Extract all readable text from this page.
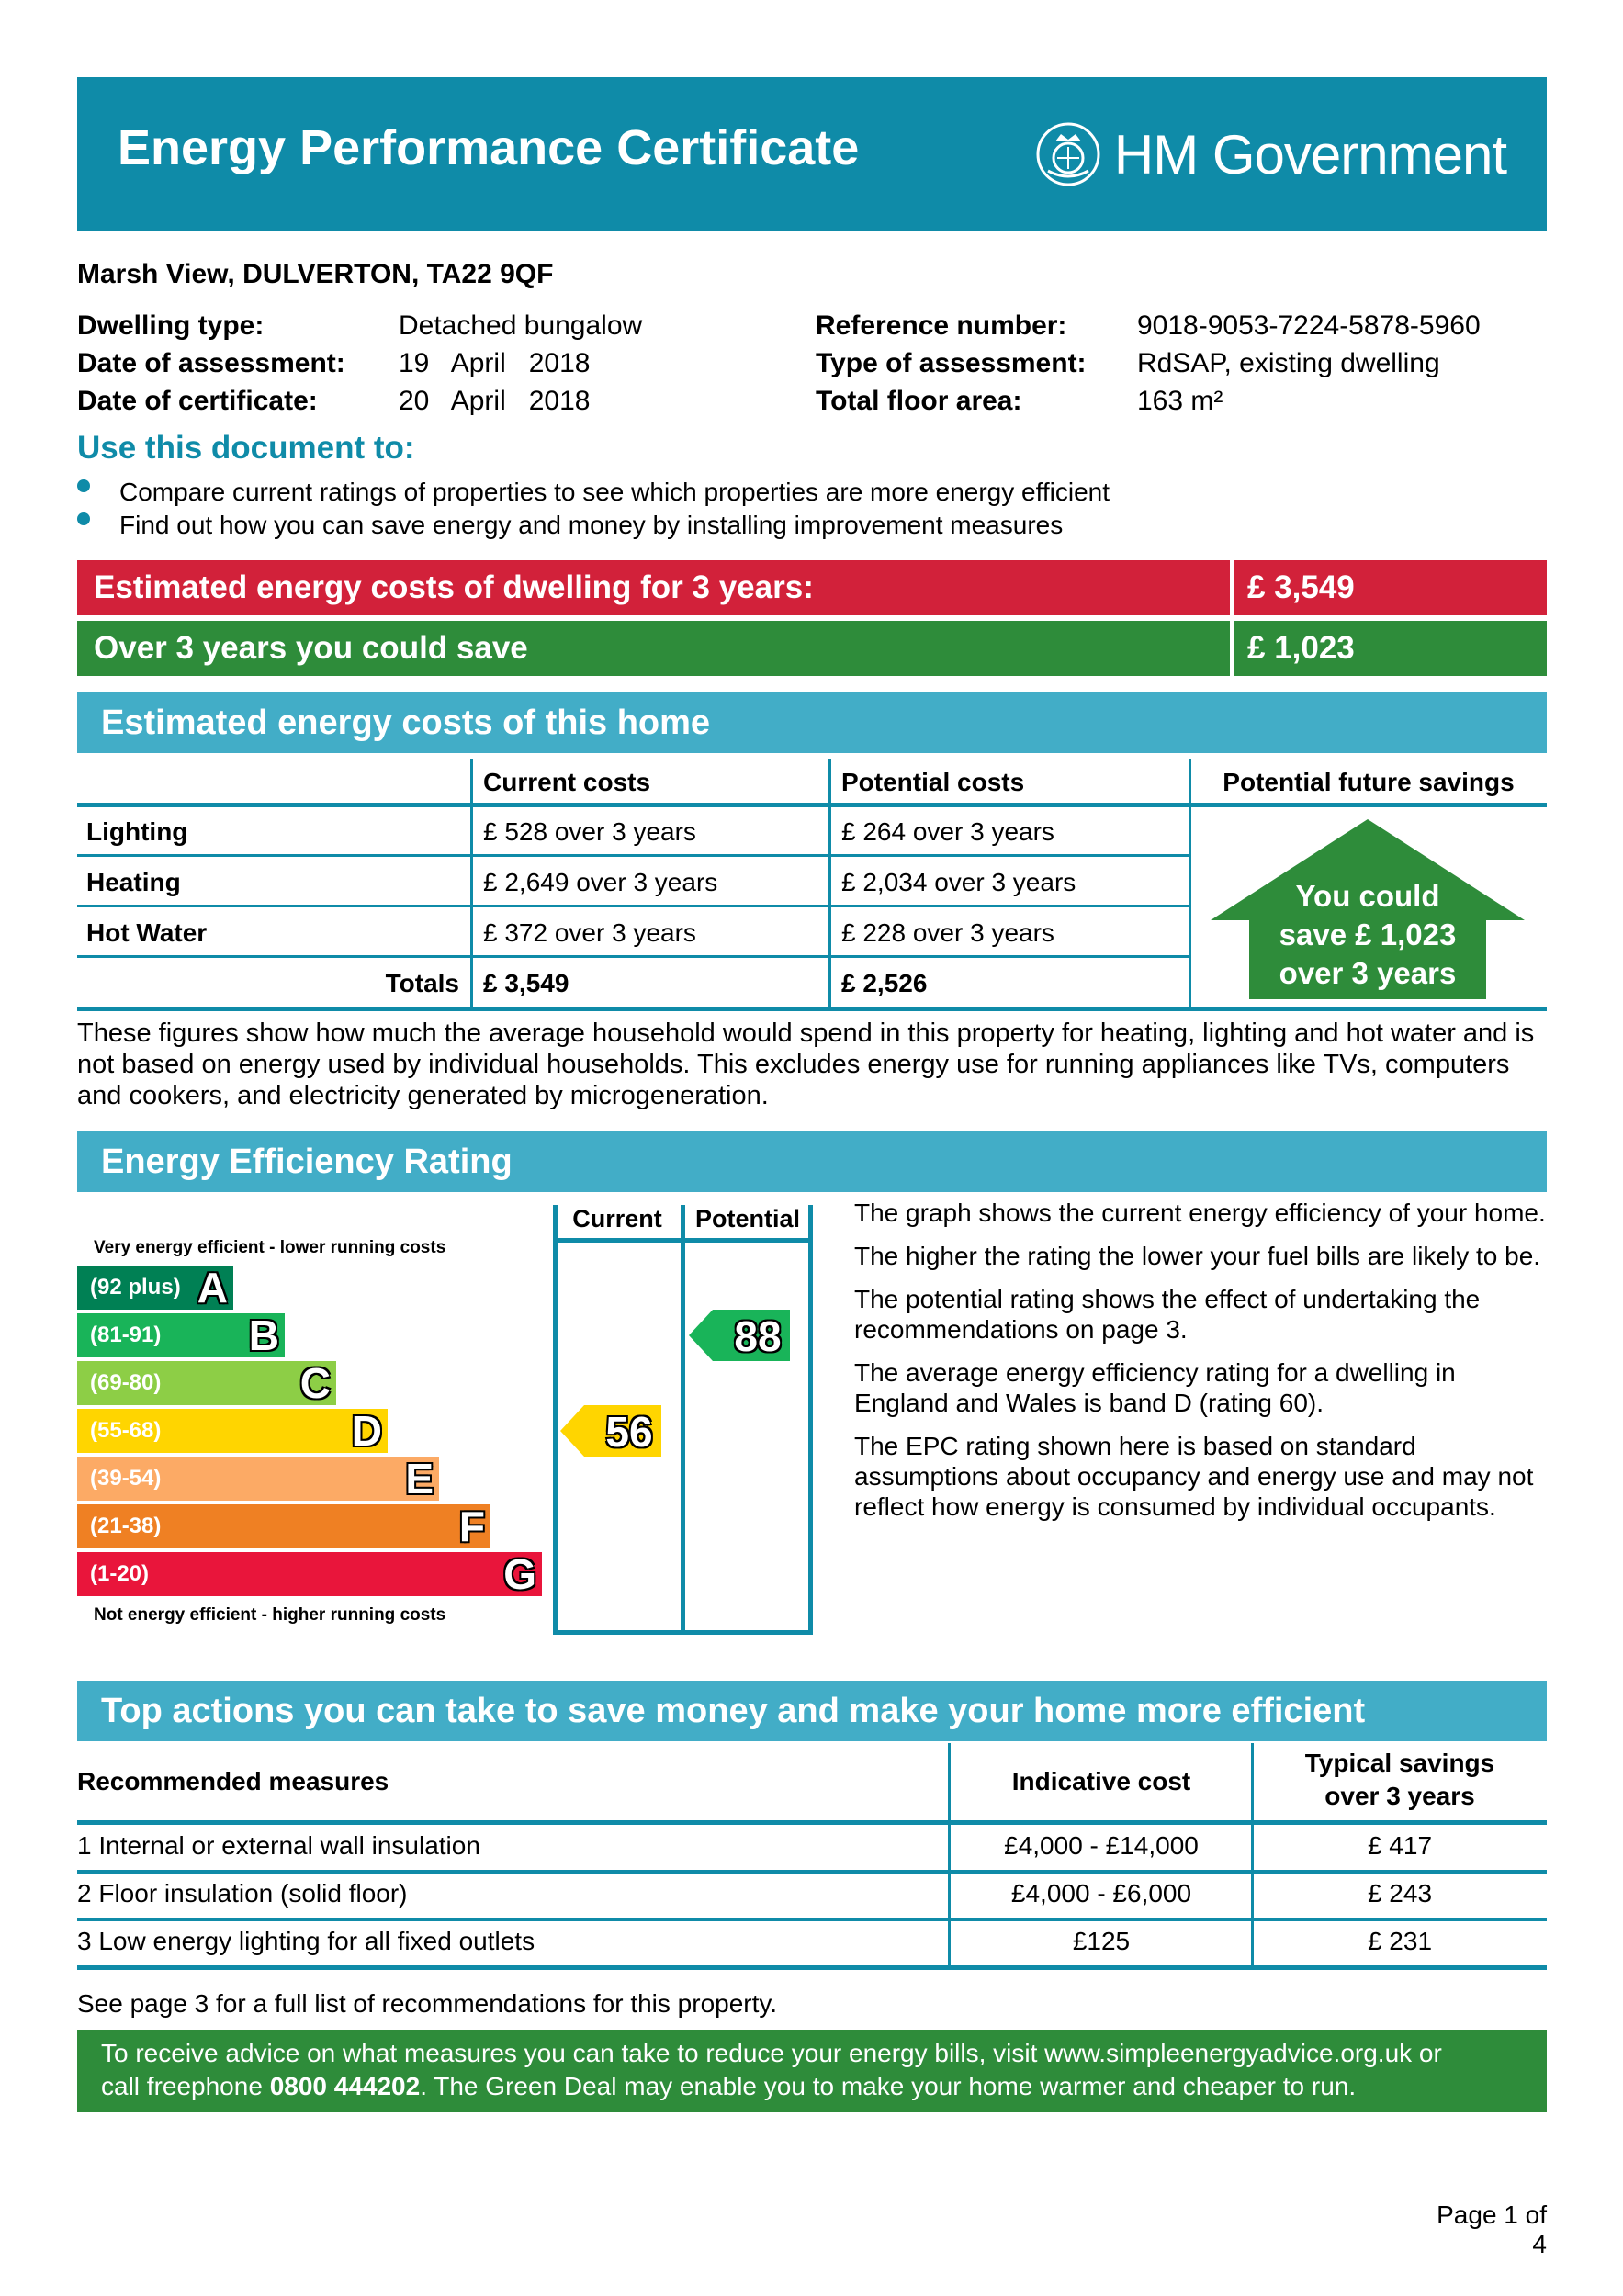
Energy Performance Certificate	HM Government
Marsh View, DULVERTON, TA22 9QF
Dwelling type:	Detached bungalow
Date of assessment: 19   April   2018
Date of certificate:	20   April   2018
Reference number:	9018-9053-7224-5878-5960
Type of assessment: RdSAP, existing dwelling
Total floor area:	163 m²
Use this document to:
Compare current ratings of properties to see which properties are more energy efficient
Find out how you can save energy and money by installing improvement measures
Estimated energy costs of dwelling for 3 years:	£ 3,549
Over 3 years you could save	£ 1,023
Estimated energy costs of this home
Current costs	Potential costs	Potential future savings
Lighting	£ 528 over 3 years	£ 264 over 3 years
Heating	£ 2,649 over 3 years	£ 2,034 over 3 years
Hot Water	£ 372 over 3 years	£ 228 over 3 years
Totals £ 3,549	£ 2,526
You could
save £ 1,023
over 3 years
These figures show how much the average household would spend in this property for heating, lighting and hot water and is not based on energy used by individual households. This excludes energy use for running appliances like TVs, computers and cookers, and electricity generated by microgeneration.
Energy Efficiency Rating
Current	Potential
Very energy efficient - lower running costs
Not energy efficient - higher running costs
(92 plus) A
(81-91) B
(69-80)	C
(55-68)	D
(39-54)	E
(21-38)	F
(1-20)	G
56
88
The graph shows the current energy efficiency of your home.
The higher the rating the lower your fuel bills are likely to be.
The potential rating shows the effect of undertaking the recommendations on page 3.
The average energy efficiency rating for a dwelling in England and Wales is band D (rating 60).
The EPC rating shown here is based on standard assumptions about occupancy and energy use and may not reflect how energy is consumed by individual occupants.
Top actions you can take to save money and make your home more efficient
Recommended measures	Indicative cost
Typical savings
over 3 years
1 Internal or external wall insulation	£4,000 - £14,000	£ 417
2 Floor insulation (solid floor)	£4,000 - £6,000	£ 243
3 Low energy lighting for all fixed outlets	£125	£ 231
See page 3 for a full list of recommendations for this property.
To receive advice on what measures you can take to reduce your energy bills, visit www.simpleenergyadvice.org.uk or
call freephone 0800 444202. The Green Deal may enable you to make your home warmer and cheaper to run.
Page 1 of 4
